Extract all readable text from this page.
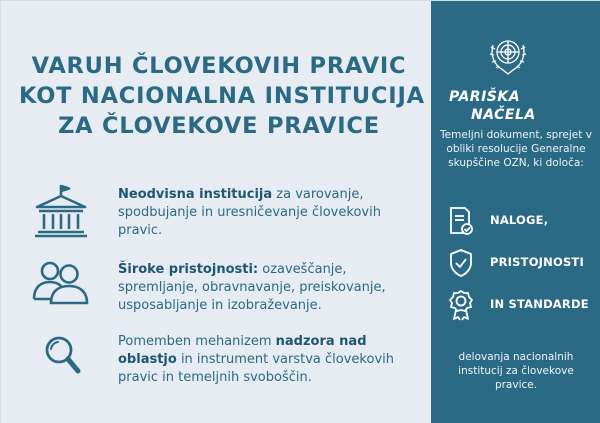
VARUH ČLOVEKOVIH PRAVIC
KOT NACIONALNA INSTITUCIJA
ZA ČLOVEKOVE PRAVICE
Neodvisna institucija za varovanje, spodbujanje in uresničevanje človekovih pravic.
Široke pristojnosti: ozaveščanje, spremljanje, obravnavanje, preiskovanje, usposabljanje in izobraževanje.
Pomemben mehanizem nadzora nad oblastjo in instrument varstva človekovih pravic in temeljnih svoboščin.
PARIŠKA
NAČELA
Temeljni dokument, sprejet v obliki resolucije Generalne skupščine OZN, ki določa:
NALOGE,
PRISTOJNOSTI
IN STANDARDE
delovanja nacionalnih institucij za človekove pravice.
